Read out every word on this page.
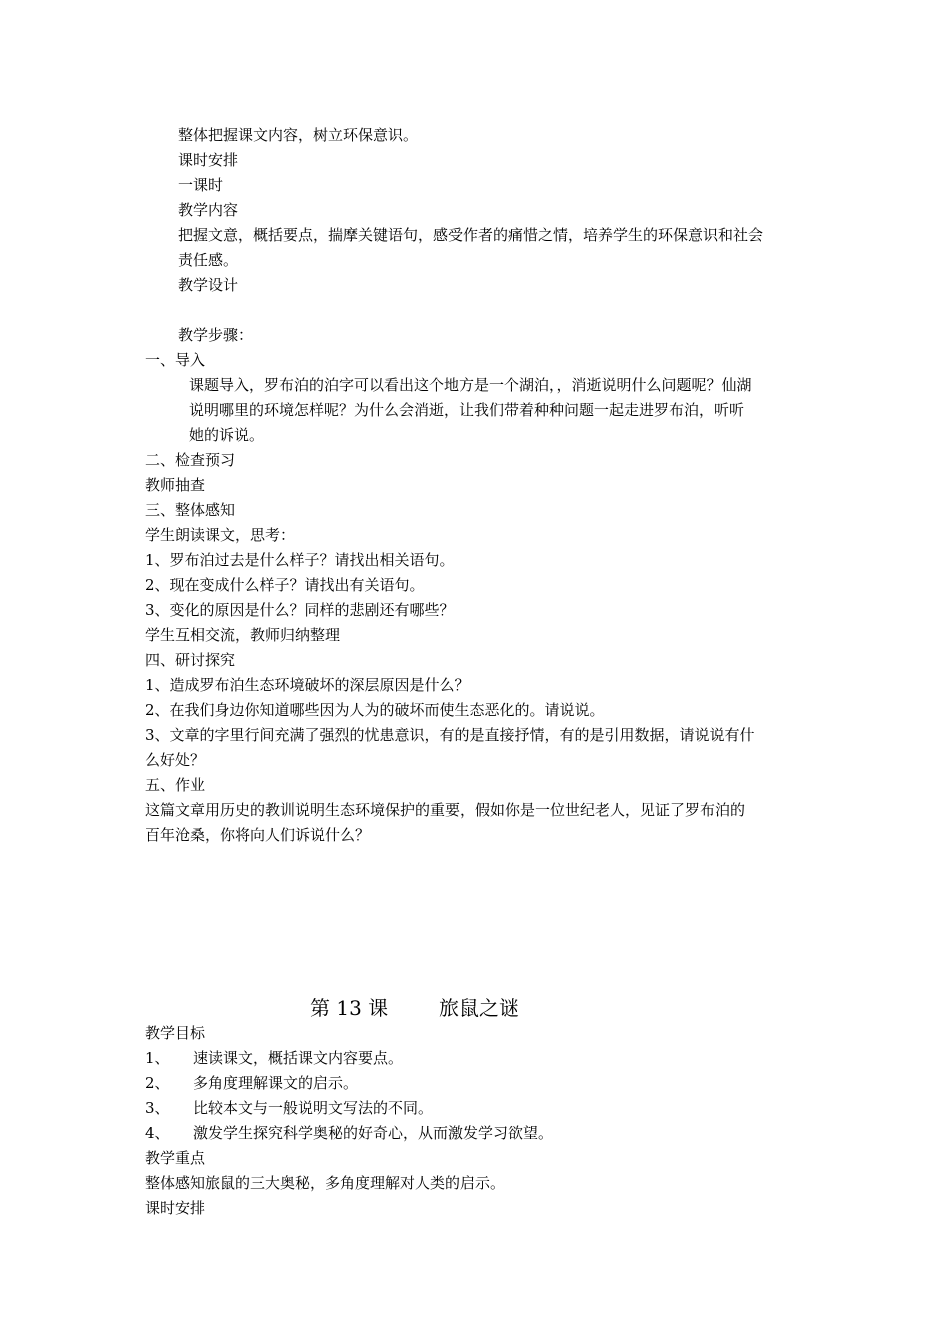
整体把握课文内容，树立环保意识。
课时安排
一课时
教学内容
把握文意，概括要点，揣摩关键语句，感受作者的痛惜之情，培养学生的环保意识和社会
责任感。
教学设计
教学步骤：
一、导入
课题导入，罗布泊的泊字可以看出这个地方是一个湖泊，，消逝说明什么问题呢？仙湖
说明哪里的环境怎样呢？为什么会消逝，让我们带着种种问题一起走进罗布泊，听听
她的诉说。
二、检查预习
教师抽查
三、整体感知
学生朗读课文，思考：
1、罗布泊过去是什么样子？请找出相关语句。
2、现在变成什么样子？请找出有关语句。
3、变化的原因是什么？同样的悲剧还有哪些？
学生互相交流，教师归纳整理
四、研讨探究
1、造成罗布泊生态环境破坏的深层原因是什么？
2、在我们身边你知道哪些因为人为的破坏而使生态恶化的。请说说。
3、文章的字里行间充满了强烈的忧患意识，有的是直接抒情，有的是引用数据，请说说有什
么好处？
五、作业
这篇文章用历史的教训说明生态环境保护的重要，假如你是一位世纪老人，见证了罗布泊的
百年沧桑，你将向人们诉说什么？
第 13 课        旅鼠之谜
教学目标
1、 速读课文，概括课文内容要点。
2、 多角度理解课文的启示。
3、 比较本文与一般说明文写法的不同。
4、 激发学生探究科学奥秘的好奇心，从而激发学习欲望。
教学重点
整体感知旅鼠的三大奥秘，多角度理解对人类的启示。
课时安排
